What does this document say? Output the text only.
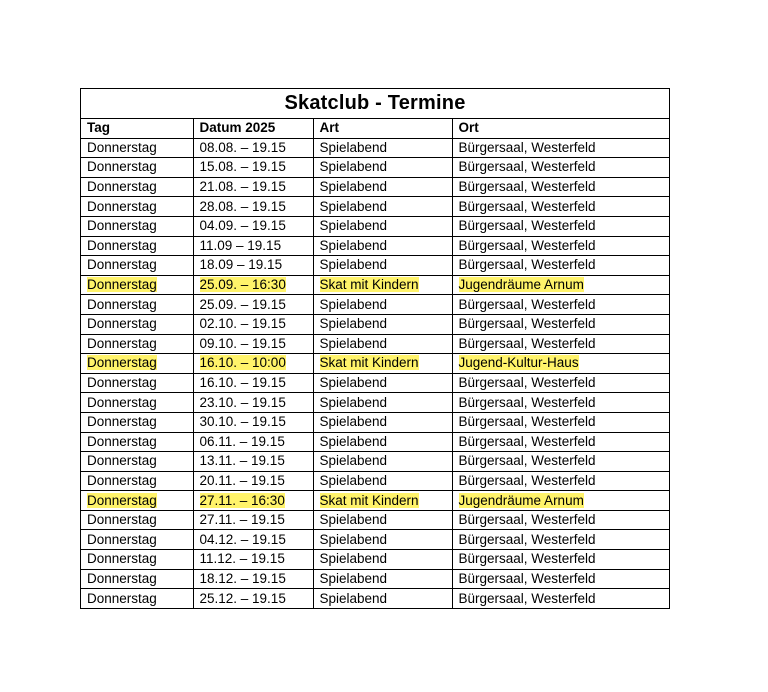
Skatclub - Termine
Tag	Datum 2025	Art	Ort
Donnerstag	08.08. – 19.15	Spielabend	Bürgersaal, Westerfeld
Donnerstag	15.08. – 19.15	Spielabend	Bürgersaal, Westerfeld
Donnerstag	21.08. – 19.15	Spielabend	Bürgersaal, Westerfeld
Donnerstag	28.08. – 19.15	Spielabend	Bürgersaal, Westerfeld
Donnerstag	04.09. – 19.15	Spielabend	Bürgersaal, Westerfeld
Donnerstag	11.09 – 19.15	Spielabend	Bürgersaal, Westerfeld
Donnerstag	18.09 – 19.15	Spielabend	Bürgersaal, Westerfeld
Donnerstag	25.09. – 16:30	Skat mit Kindern	Jugendräume Arnum
Donnerstag	25.09. – 19.15	Spielabend	Bürgersaal, Westerfeld
Donnerstag	02.10. – 19.15	Spielabend	Bürgersaal, Westerfeld
Donnerstag	09.10. – 19.15	Spielabend	Bürgersaal, Westerfeld
Donnerstag	16.10. – 10:00	Skat mit Kindern	Jugend-Kultur-Haus
Donnerstag	16.10. – 19.15	Spielabend	Bürgersaal, Westerfeld
Donnerstag	23.10. – 19.15	Spielabend	Bürgersaal, Westerfeld
Donnerstag	30.10. – 19.15	Spielabend	Bürgersaal, Westerfeld
Donnerstag	06.11. – 19.15	Spielabend	Bürgersaal, Westerfeld
Donnerstag	13.11. – 19.15	Spielabend	Bürgersaal, Westerfeld
Donnerstag	20.11. – 19.15	Spielabend	Bürgersaal, Westerfeld
Donnerstag	27.11. – 16:30	Skat mit Kindern	Jugendräume Arnum
Donnerstag	27.11. – 19.15	Spielabend	Bürgersaal, Westerfeld
Donnerstag	04.12. – 19.15	Spielabend	Bürgersaal, Westerfeld
Donnerstag	11.12. – 19.15	Spielabend	Bürgersaal, Westerfeld
Donnerstag	18.12. – 19.15	Spielabend	Bürgersaal, Westerfeld
Donnerstag	25.12. – 19.15	Spielabend	Bürgersaal, Westerfeld
